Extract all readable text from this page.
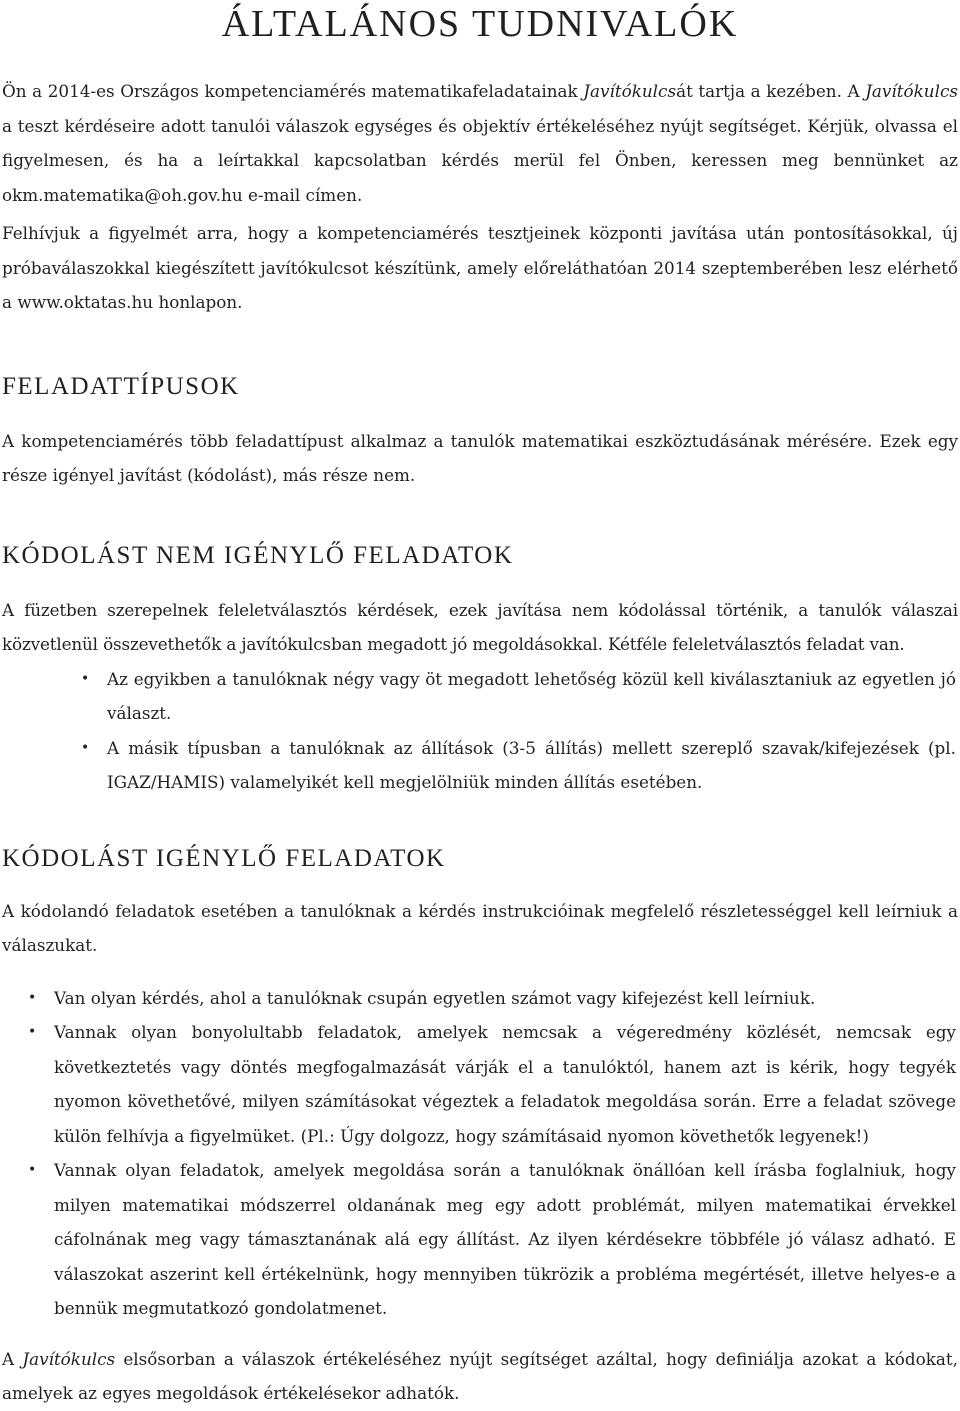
ÁLTALÁNOS TUDNIVALÓK

Ön a 2014-es Országos kompetenciamérés matematikafeladatainak Javítókulcsát tartja a kezében. A Javítókulcs a teszt kérdéseire adott tanulói válaszok egységes és objektív értékeléséhez nyújt segítséget. Kérjük, olvassa el figyelmesen, és ha a leírtakkal kapcsolatban kérdés merül fel Önben, keressen meg bennünket az okm.matematika@oh.gov.hu e-mail címen.

Felhívjuk a figyelmét arra, hogy a kompetenciamérés tesztjeinek központi javítása után pontosításokkal, új próbaválaszokkal kiegészített javítókulcsot készítünk, amely előreláthatóan 2014 szeptemberében lesz elérhető a www.oktatas.hu honlapon.

FELADATTÍPUSOK

A kompetenciamérés több feladattípust alkalmaz a tanulók matematikai eszköztudásának mérésére. Ezek egy része igényel javítást (kódolást), más része nem.

KÓDOLÁST NEM IGÉNYLŐ FELADATOK

A füzetben szerepelnek feleletválasztós kérdések, ezek javítása nem kódolással történik, a tanulók válaszai közvetlenül összevethetők a javítókulcsban megadott jó megoldásokkal. Kétféle feleletválasztós feladat van.

• Az egyikben a tanulóknak négy vagy öt megadott lehetőség közül kell kiválasztaniuk az egyetlen jó választ.
• A másik típusban a tanulóknak az állítások (3-5 állítás) mellett szereplő szavak/kifejezések (pl. IGAZ/HAMIS) valamelyikét kell megjelölniük minden állítás esetében.
KÓDOLÁST IGÉNYLŐ FELADATOK

A kódolandó feladatok esetében a tanulóknak a kérdés instrukcióinak megfelelő részletességgel kell leírniuk a válaszukat.

• Van olyan kérdés, ahol a tanulóknak csupán egyetlen számot vagy kifejezést kell leírniuk.
• Vannak olyan bonyolultabb feladatok, amelyek nemcsak a végeredmény közlését, nemcsak egy következtetés vagy döntés megfogalmazását várják el a tanulóktól, hanem azt is kérik, hogy tegyék nyomon követhetővé, milyen számításokat végeztek a feladatok megoldása során. Erre a feladat szövege külön felhívja a figyelmüket. (Pl.: Úgy dolgozz, hogy számításaid nyomon követhetők legyenek!)
• Vannak olyan feladatok, amelyek megoldása során a tanulóknak önállóan kell írásba foglalniuk, hogy milyen matematikai módszerrel oldanának meg egy adott problémát, milyen matematikai érvekkel cáfolnának meg vagy támasztanának alá egy állítást. Az ilyen kérdésekre többféle jó válasz adható. E válaszokat aszerint kell értékelnünk, hogy mennyiben tükrözik a probléma megértését, illetve helyes-e a bennük megmutatkozó gondolatmenet.

A Javítókulcs elsősorban a válaszok értékeléséhez nyújt segítséget azáltal, hogy definiálja azokat a kódokat, amelyek az egyes megoldások értékelésekor adhatók.
